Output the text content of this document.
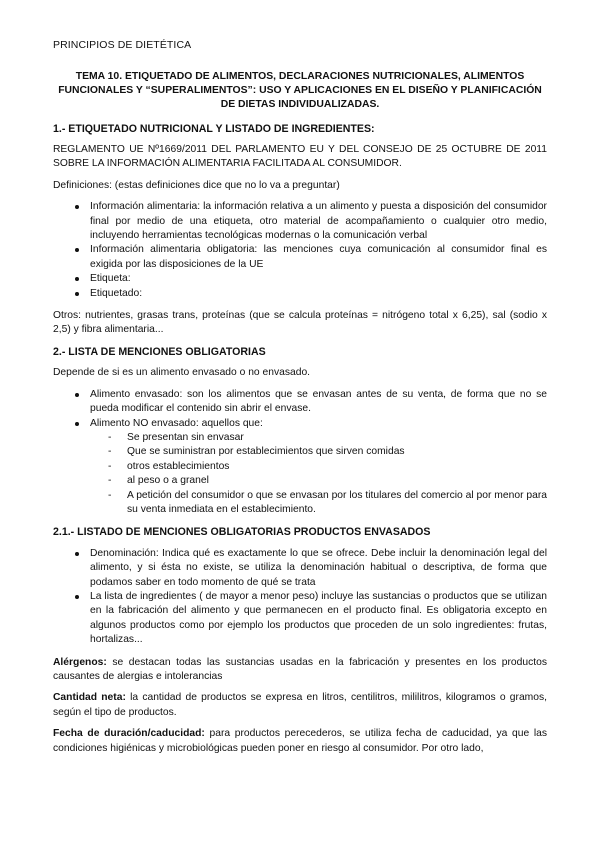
PRINCIPIOS DE DIETÉTICA
TEMA 10. ETIQUETADO DE ALIMENTOS, DECLARACIONES NUTRICIONALES, ALIMENTOS FUNCIONALES Y “SUPERALIMENTOS”: USO Y APLICACIONES EN EL DISEÑO Y PLANIFICACIÓN DE DIETAS INDIVIDUALIZADAS.
1.- ETIQUETADO NUTRICIONAL Y LISTADO DE INGREDIENTES:

REGLAMENTO UE Nº1669/2011 DEL PARLAMENTO EU Y DEL CONSEJO DE 25 OCTUBRE DE 2011 SOBRE LA INFORMACIÓN ALIMENTARIA FACILITADA AL CONSUMIDOR.

Definiciones: (estas definiciones dice que no lo va a preguntar)

Información alimentaria: la información relativa a un alimento y puesta a disposición del consumidor final por medio de una etiqueta, otro material de acompañamiento o cualquier otro medio, incluyendo herramientas tecnológicas modernas o la comunicación verbal
Información alimentaria obligatoria: las menciones cuya comunicación al consumidor final es exigida por las disposiciones de la UE
Etiqueta:
Etiquetado:

Otros: nutrientes, grasas trans, proteínas (que se calcula proteínas = nitrógeno total x 6,25), sal (sodio x 2,5) y fibra alimentaria...

2.- LISTA DE MENCIONES OBLIGATORIAS

Depende de si es un alimento envasado o no envasado.

Alimento envasado: son los alimentos que se envasan antes de su venta, de forma que no se pueda modificar el contenido sin abrir el envase.
Alimento NO envasado: aquellos que:
- Se presentan sin envasar
- Que se suministran por establecimientos que sirven comidas
- otros establecimientos
- al peso o a granel
- A petición del consumidor o que se envasan por los titulares del comercio al por menor para su venta inmediata en el establecimiento.
2.1.- LISTADO DE MENCIONES OBLIGATORIAS PRODUCTOS ENVASADOS
Denominación: Indica qué es exactamente lo que se ofrece. Debe incluir la denominación legal del alimento, y si ésta no existe, se utiliza la denominación habitual o descriptiva, de forma que podamos saber en todo momento de qué se trata
La lista de ingredientes ( de mayor a menor peso) incluye las sustancias o productos que se utilizan en la fabricación del alimento y que permanecen en el producto final. Es obligatoria excepto en algunos productos como por ejemplo los productos que proceden de un solo ingredientes: frutas, hortalizas...

Alérgenos: se destacan todas las sustancias usadas en la fabricación y presentes en los productos causantes de alergias e intolerancias

Cantidad neta: la cantidad de productos se expresa en litros, centilitros, mililitros, kilogramos o gramos, según el tipo de productos.

Fecha de duración/caducidad: para productos perecederos, se utiliza fecha de caducidad, ya que las condiciones higiénicas y microbiológicas pueden poner en riesgo al consumidor. Por otro lado,
